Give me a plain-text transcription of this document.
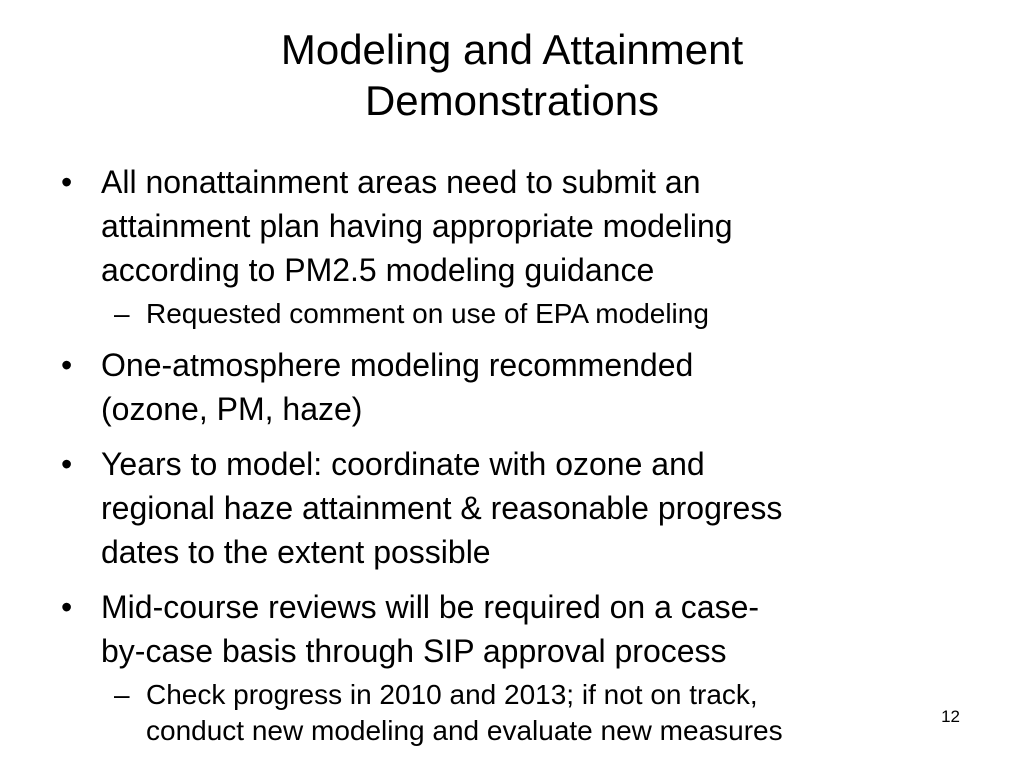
Modeling and Attainment
Demonstrations
• All nonattainment areas need to submit an
attainment plan having appropriate modeling
according to PM2.5 modeling guidance
– Requested comment on use of EPA modeling
• One-atmosphere modeling recommended
(ozone, PM, haze)
• Years to model: coordinate with ozone and
regional haze attainment & reasonable progress
dates to the extent possible
• Mid-course reviews will be required on a case-
by-case basis through SIP approval process
– Check progress in 2010 and 2013; if not on track,
conduct new modeling and evaluate new measures	12
